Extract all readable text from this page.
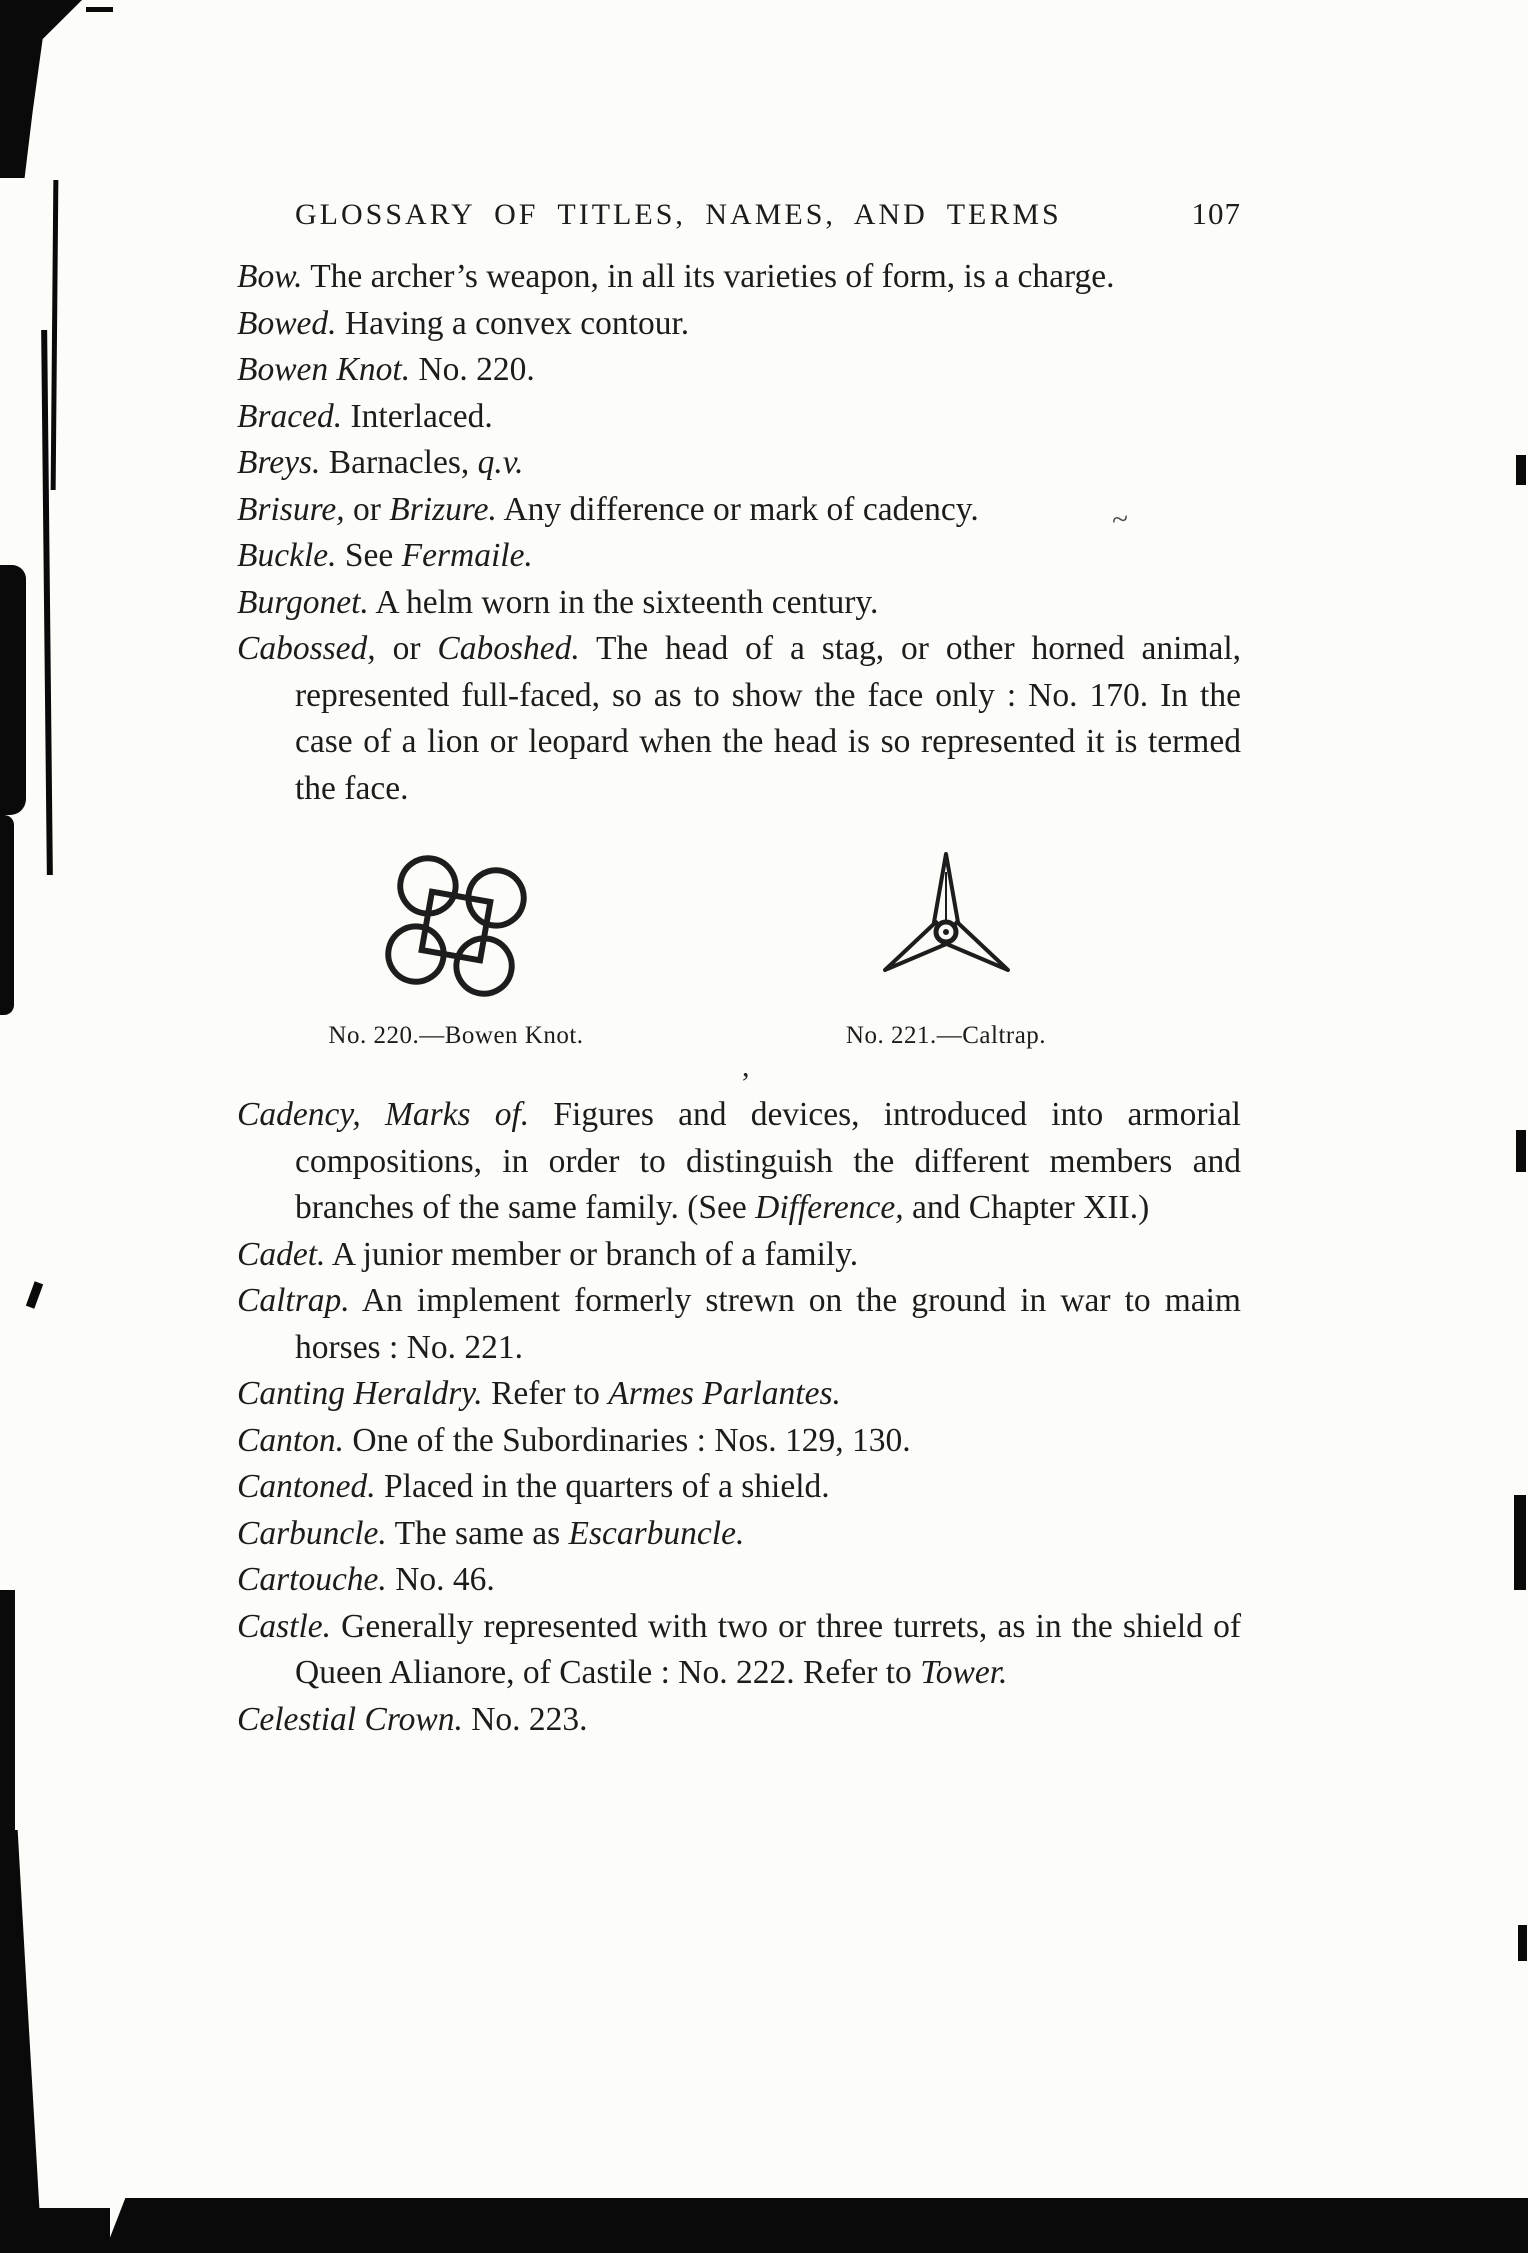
GLOSSARY OF TITLES, NAMES, AND TERMS	107

Bow. The archer’s weapon, in all its varieties of form, is a charge.

Bowed. Having a convex contour.

Bowen Knot. No. 220.

Braced. Interlaced.

Breys. Barnacles, q.v.

Brisure, or Brizure. Any difference or mark of cadency.

Buckle. See Fermaile.

Burgonet. A helm worn in the sixteenth century.

Cabossed, or Caboshed. The head of a stag, or other horned animal, represented full-faced, so as to show the face only : No. 170. In the case of a lion or leopard when the head is so represented it is termed the face.

No. 220.—Bowen Knot.	No. 221.—Caltrap.

Cadency, Marks of. Figures and devices, introduced into armorial compositions, in order to distinguish the different members and branches of the same family. (See Difference, and Chapter XII.)

Cadet. A junior member or branch of a family.

Caltrap. An implement formerly strewn on the ground in war to maim horses : No. 221.

Canting Heraldry. Refer to Armes Parlantes.

Canton. One of the Subordinaries : Nos. 129, 130.

Cantoned. Placed in the quarters of a shield.

Carbuncle. The same as Escarbuncle.

Cartouche. No. 46.

Castle. Generally represented with two or three turrets, as in the shield of Queen Alianore, of Castile : No. 222. Refer to Tower.

Celestial Crown. No. 223.

~
,
